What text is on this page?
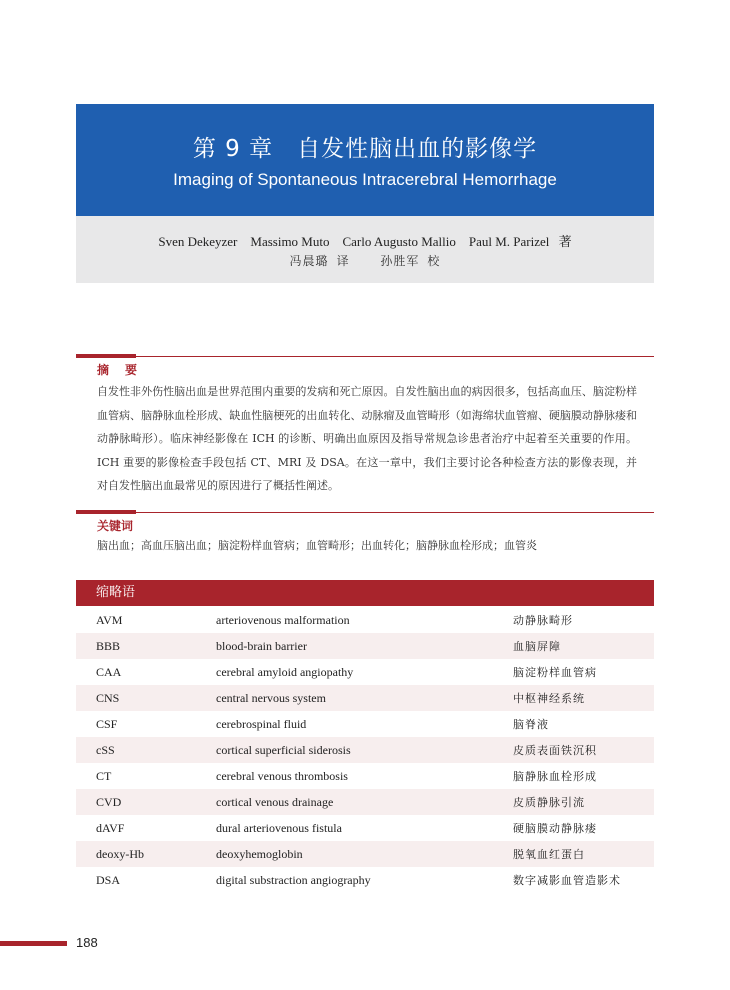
第 9 章　自发性脑出血的影像学
Imaging of Spontaneous Intracerebral Hemorrhage
Sven Dekeyzer　Massimo Muto　Carlo Augusto Mallio　Paul M. Parizel 著
冯晨璐 译	孙胜军 校
摘　要
自发性非外伤性脑出血是世界范围内重要的发病和死亡原因。自发性脑出血的病因很多，包括高血压、脑淀粉样血管病、脑静脉血栓形成、缺血性脑梗死的出血转化、动脉瘤及血管畸形（如海绵状血管瘤、硬脑膜动静脉瘘和动静脉畸形）。临床神经影像在 ICH 的诊断、明确出血原因及指导常规急诊患者治疗中起着至关重要的作用。ICH 重要的影像检查手段包括 CT、MRI 及 DSA。在这一章中，我们主要讨论各种检查方法的影像表现，并对自发性脑出血最常见的原因进行了概括性阐述。
关键词
脑出血；高血压脑出血；脑淀粉样血管病；血管畸形；出血转化；脑静脉血栓形成；血管炎
缩略语
AVM	arteriovenous malformation	动静脉畸形
BBB	blood-brain barrier	血脑屏障
CAA	cerebral amyloid angiopathy	脑淀粉样血管病
CNS	central nervous system	中枢神经系统
CSF	cerebrospinal fluid	脑脊液
cSS	cortical superficial siderosis	皮质表面铁沉积
CT	cerebral venous thrombosis	脑静脉血栓形成
CVD	cortical venous drainage	皮质静脉引流
dAVF	dural arteriovenous fistula	硬脑膜动静脉瘘
deoxy-Hb	deoxyhemoglobin	脱氧血红蛋白
DSA	digital substraction angiography	数字减影血管造影术
188
